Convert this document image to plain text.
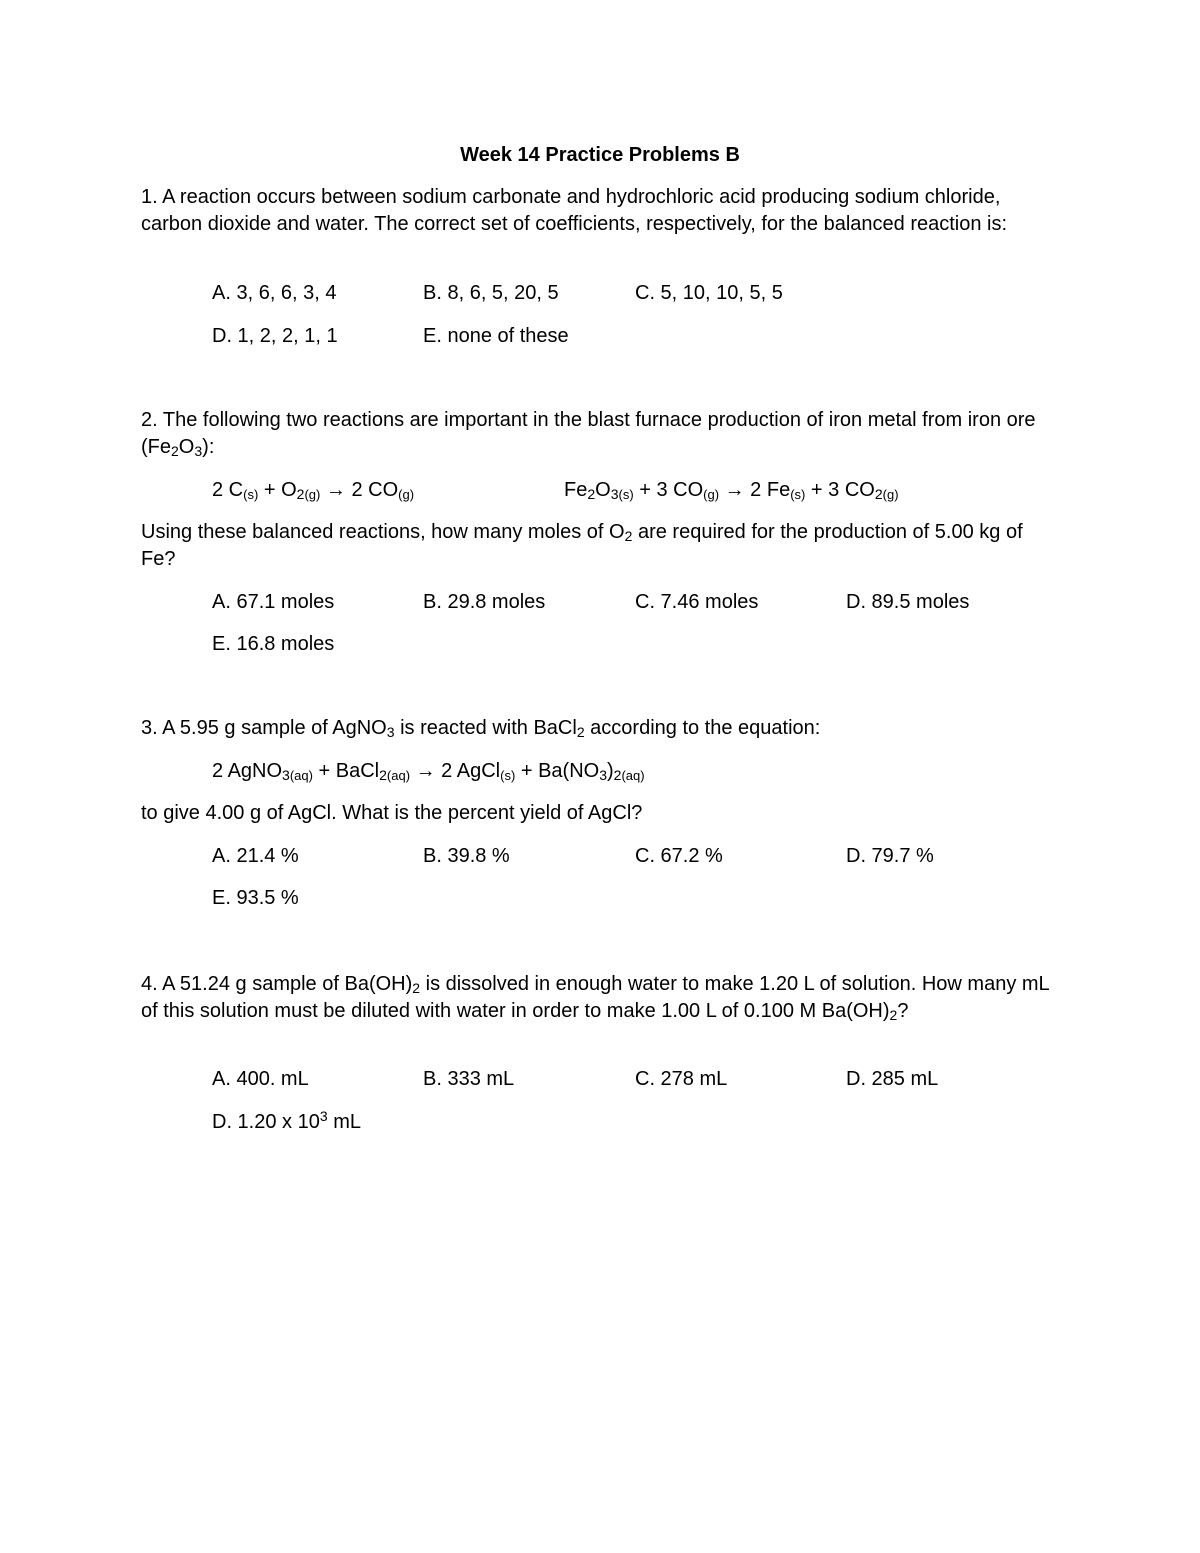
Week 14 Practice Problems B
1. A reaction occurs between sodium carbonate and hydrochloric acid producing sodium chloride, carbon dioxide and water. The correct set of coefficients, respectively, for the balanced reaction is:
A. 3, 6, 6, 3, 4	B. 8, 6, 5, 20, 5	C. 5, 10, 10, 5, 5
D. 1, 2, 2, 1, 1	E. none of these
2. The following two reactions are important in the blast furnace production of iron metal from iron ore $(Fe_2O_3)$:
2 $C(s) + O_2(g) \to 2$ CO(g)	$Fe_2O_3(s) + 3$ CO(g) → 2 Fe(s) + 3 $CO_2(g)$
Using these balanced reactions, how many moles of $O_2$ are required for the production of 5.00 kg of Fe?
A. 67.1 moles	B. 29.8 moles	C. 7.46 moles	D. 89.5 moles
E. 16.8 moles
3. A 5.95 g sample of AgNO$_3$ is reacted with BaCl$_2$ according to the equation:
2 AgNO$_3$(aq) + BaCl$_2$(aq) → 2 AgCl(s) + $Ba(NO_3)_2(aq)$
to give 4.00 g of AgCl. What is the percent yield of AgCl?
A. 21.4 %	B. 39.8 %	C. 67.2 %	D. 79.7 %
E. 93.5 %
4. A 51.24 g sample of $Ba(OH)_2$ is dissolved in enough water to make 1.20 L of solution. How many mL of this solution must be diluted with water in order to make 1.00 L of 0.100 M $Ba(OH)_2$?
A. 400. mL	B. 333 mL	C. 278 mL	D. 285 mL
D. 1.20 x $10^3$ mL
